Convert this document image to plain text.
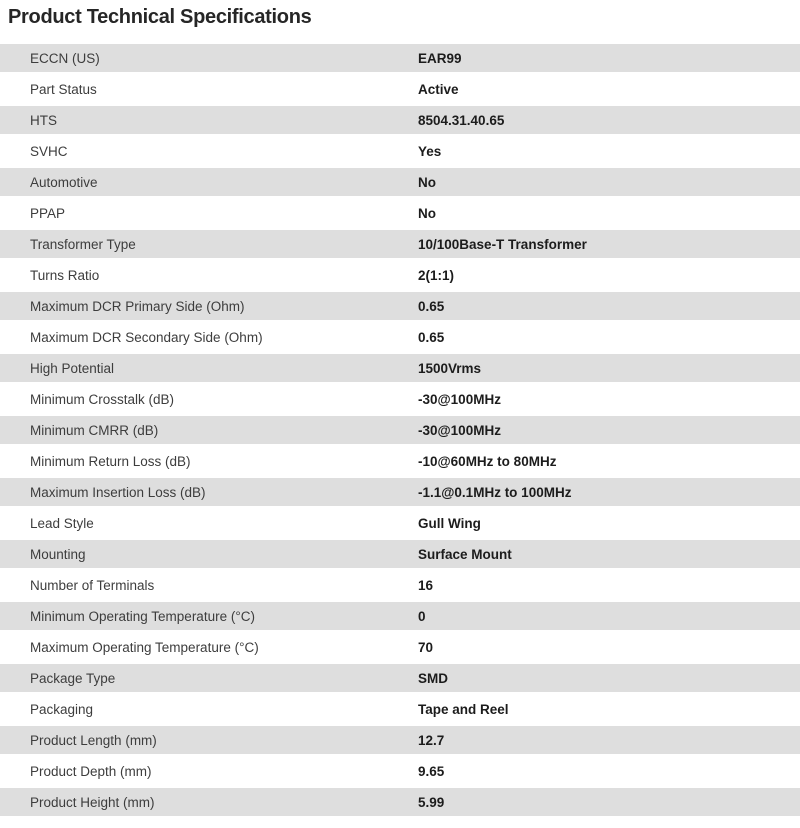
Product Technical Specifications
ECCN (US)	EAR99
Part Status	Active
HTS	8504.31.40.65
SVHC	Yes
Automotive	No
PPAP	No
Transformer Type	10/100Base-T Transformer
Turns Ratio	2(1:1)
Maximum DCR Primary Side (Ohm)	0.65
Maximum DCR Secondary Side (Ohm)	0.65
High Potential	1500Vrms
Minimum Crosstalk (dB)	-30@100MHz
Minimum CMRR (dB)	-30@100MHz
Minimum Return Loss (dB)	-10@60MHz to 80MHz
Maximum Insertion Loss (dB)	-1.1@0.1MHz to 100MHz
Lead Style	Gull Wing
Mounting	Surface Mount
Number of Terminals	16
Minimum Operating Temperature (°C)	0
Maximum Operating Temperature (°C)	70
Package Type	SMD
Packaging	Tape and Reel
Product Length (mm)	12.7
Product Depth (mm)	9.65
Product Height (mm)	5.99
